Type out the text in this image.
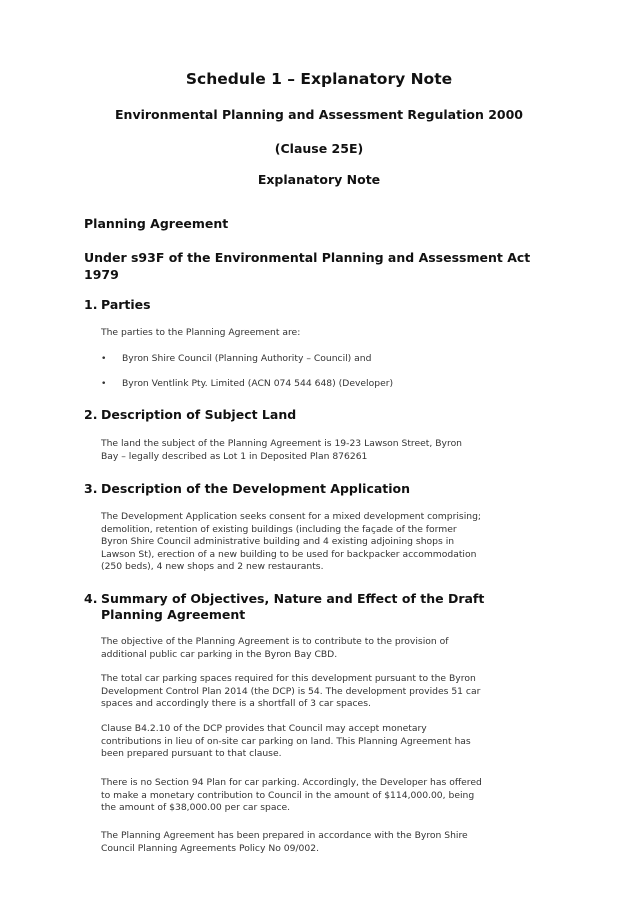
Schedule 1 – Explanatory Note
Environmental Planning and Assessment Regulation 2000
(Clause 25E)
Explanatory Note
Planning Agreement
Under s93F of the Environmental Planning and Assessment Act
1979
1. Parties
The parties to the Planning Agreement are:
• Byron Shire Council (Planning Authority – Council) and
• Byron Ventlink Pty. Limited (ACN 074 544 648) (Developer)
2. Description of Subject Land
The land the subject of the Planning Agreement is 19-23 Lawson Street, Byron
Bay – legally described as Lot 1 in Deposited Plan 876261
3. Description of the Development Application
The Development Application seeks consent for a mixed development comprising;
demolition, retention of existing buildings (including the façade of the former
Byron Shire Council administrative building and 4 existing adjoining shops in
Lawson St), erection of a new building to be used for backpacker accommodation
(250 beds), 4 new shops and 2 new restaurants.
4. Summary of Objectives, Nature and Effect of the Draft
Planning Agreement
The objective of the Planning Agreement is to contribute to the provision of
additional public car parking in the Byron Bay CBD.
The total car parking spaces required for this development pursuant to the Byron
Development Control Plan 2014 (the DCP) is 54. The development provides 51 car
spaces and accordingly there is a shortfall of 3 car spaces.
Clause B4.2.10 of the DCP provides that Council may accept monetary
contributions in lieu of on-site car parking on land. This Planning Agreement has
been prepared pursuant to that clause.
There is no Section 94 Plan for car parking. Accordingly, the Developer has offered
to make a monetary contribution to Council in the amount of $114,000.00, being
the amount of $38,000.00 per car space.
The Planning Agreement has been prepared in accordance with the Byron Shire
Council Planning Agreements Policy No 09/002.
